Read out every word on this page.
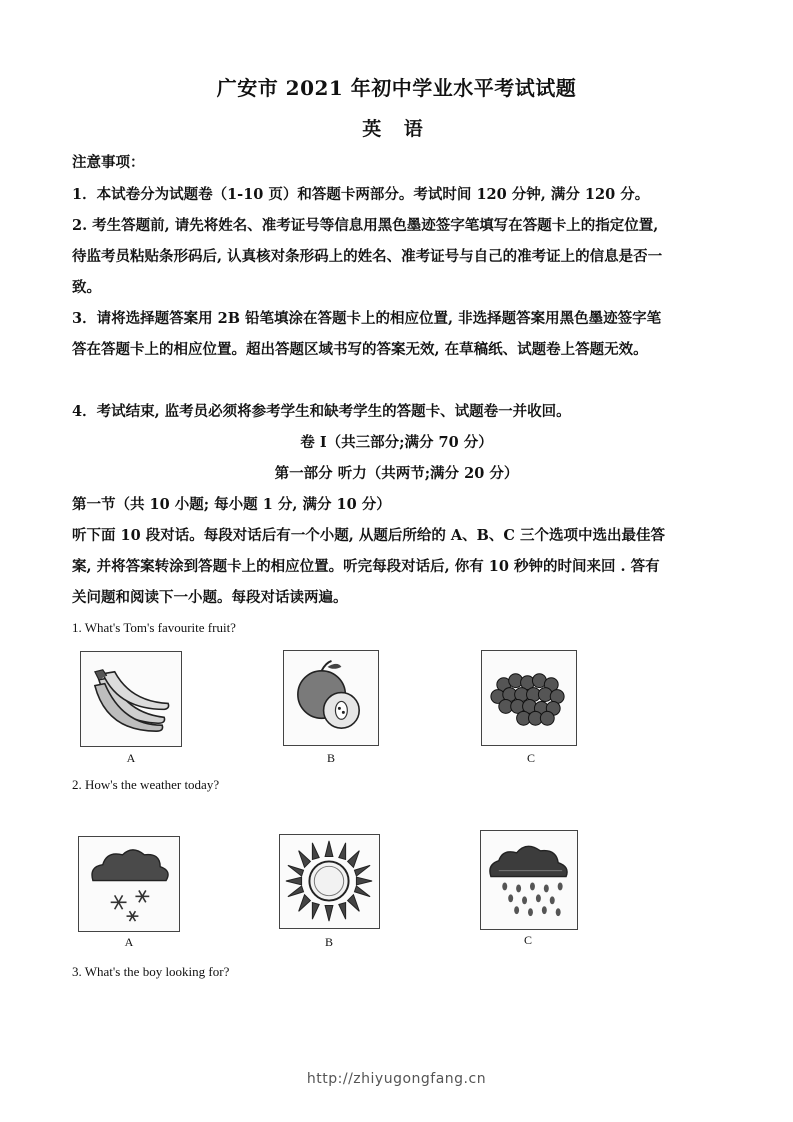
广安市 2021 年初中学业水平考试试题
英 语
注意事项：
1．本试卷分为试题卷（1-10 页）和答题卡两部分。考试时间 120 分钟, 满分 120 分。
2. 考生答题前, 请先将姓名、准考证号等信息用黑色墨迹签字笔填写在答题卡上的指定位置,
待监考员粘贴条形码后, 认真核对条形码上的姓名、准考证号与自己的准考证上的信息是否一
致。
3．请将选择题答案用 2B 铅笔填涂在答题卡上的相应位置, 非选择题答案用黑色墨迹签字笔
答在答题卡上的相应位置。超出答题区域书写的答案无效, 在草稿纸、试题卷上答题无效。
4．考试结束, 监考员必须将参考学生和缺考学生的答题卡、试题卷一并收回。
卷 I（共三部分;满分 70 分）
第一部分 听力（共两节;满分 20 分）
第一节（共 10 小题; 每小题 1 分, 满分 10 分）
听下面 10 段对话。每段对话后有一个小题, 从题后所给的 A、B、C 三个选项中选出最佳答
案, 并将答案转涂到答题卡上的相应位置。听完每段对话后, 你有 10 秒钟的时间来回 . 答有
关问题和阅读下一小题。每段对话读两遍。
1. What's Tom's favourite fruit?
A	B	C
2. How's the weather today?
A	B	C
3. What's the boy looking for?
http://zhiyugongfang.cn
